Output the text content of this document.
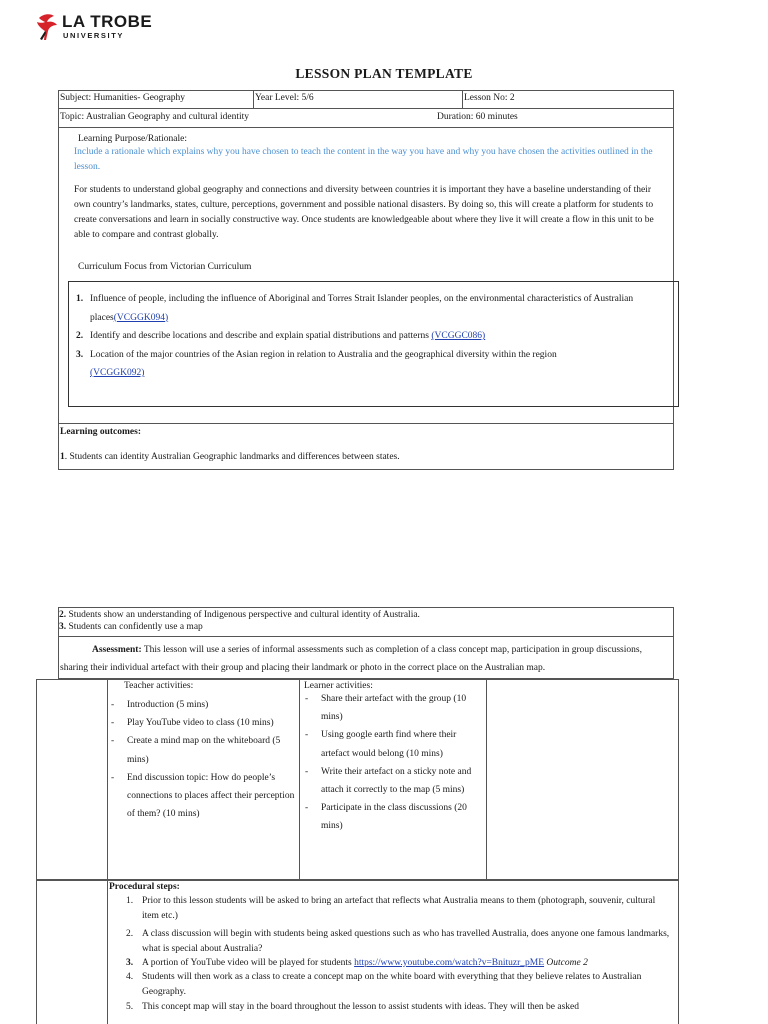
LA TROBE
UNIVERSITY
LESSON PLAN TEMPLATE
Subject: Humanities- Geography	Year Level: 5/6	Lesson No: 2
Topic: Australian Geography and cultural identity	Duration: 60 minutes
Learning Purpose/Rationale:
Include a rationale which explains why you have chosen to teach the content in the way you have and why you have chosen the activities outlined in the lesson.
For students to understand global geography and connections and diversity between countries it is important they have a baseline understanding of their own country’s landmarks, states, culture, perceptions, government and possible national disasters. By doing so, this will create a platform for students to create conversations and learn in socially constructive way. Once students are knowledgeable about where they live it will create a flow in this unit to be able to compare and contrast globally.
Curriculum Focus from Victorian Curriculum
1. Influence of people, including the influence of Aboriginal and Torres Strait Islander peoples, on the environmental characteristics of Australian places(VCGGK094)
2. Identify and describe locations and describe and explain spatial distributions and patterns (VCGGC086)
3. Location of the major countries of the Asian region in relation to Australia and the geographical diversity within the region (VCGGK092)
Learning outcomes:
1. Students can identity Australian Geographic landmarks and differences between states.
2. Students show an understanding of Indigenous perspective and cultural identity of Australia.
3. Students can confidently use a map
Assessment: This lesson will use a series of informal assessments such as completion of a class concept map, participation in group discussions, sharing their individual artefact with their group and placing their landmark or photo in the correct place on the Australian map.
Teacher activities:
- Introduction (5 mins)
- Play YouTube video to class (10 mins)
- Create a mind map on the whiteboard (5 mins)
- End discussion topic: How do people’s connections to places affect their perception of them? (10 mins)
Learner activities:
- Share their artefact with the group (10 mins)
- Using google earth find where their artefact would belong (10 mins)
- Write their artefact on a sticky note and attach it correctly to the map (5 mins)
- Participate in the class discussions (20 mins)
Procedural steps:
1. Prior to this lesson students will be asked to bring an artefact that reflects what Australia means to them (photograph, souvenir, cultural item etc.)
2. A class discussion will begin with students being asked questions such as who has travelled Australia, does anyone one famous landmarks, what is special about Australia?
3. A portion of YouTube video will be played for students https://www.youtube.com/watch?v=Bnituzr_pME Outcome 2
4. Students will then work as a class to create a concept map on the white board with everything that they believe relates to Australian Geography.
5. This concept map will stay in the board throughout the lesson to assist students with ideas. They will then be asked
